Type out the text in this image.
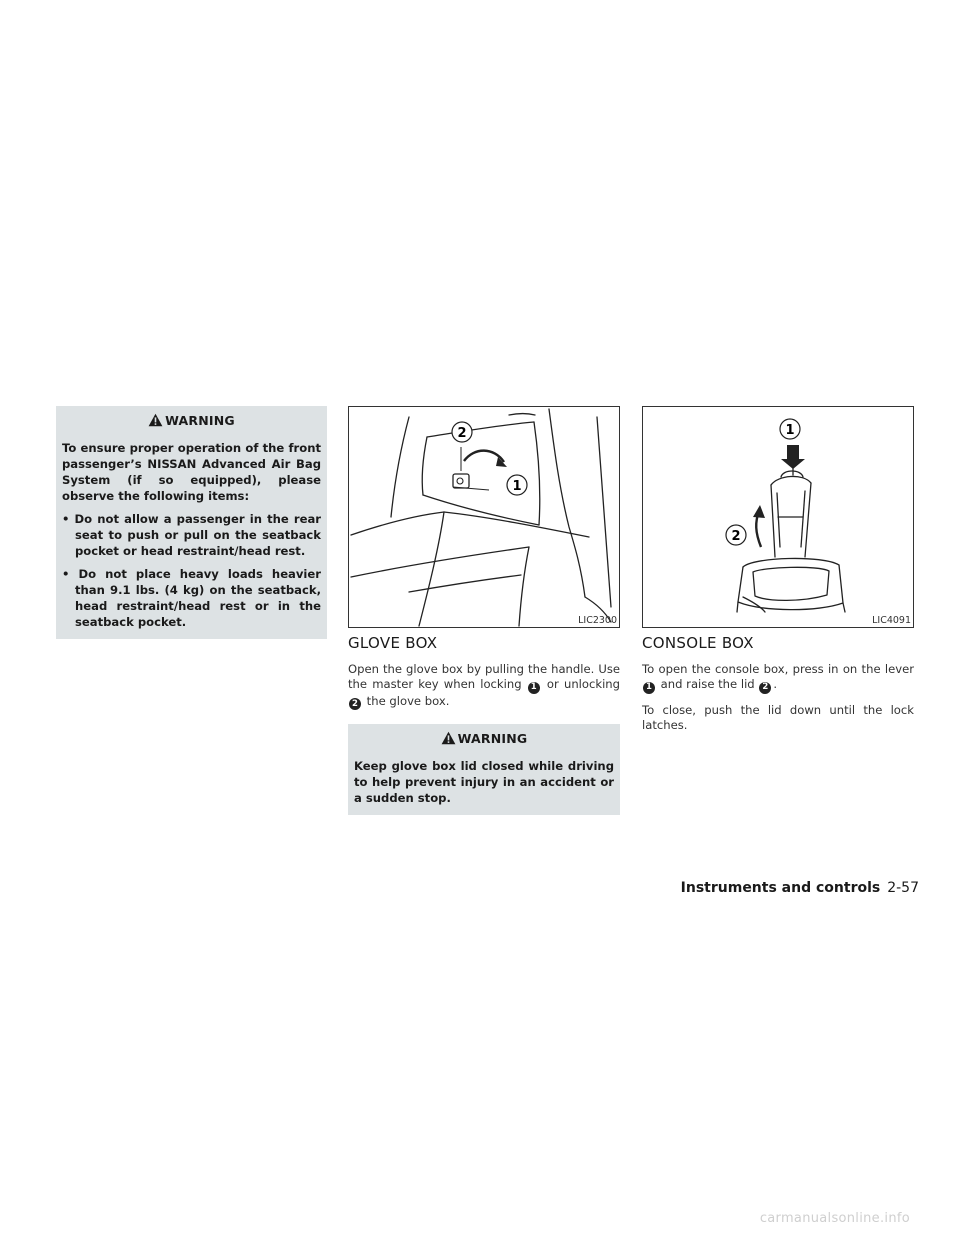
WARNING

To ensure proper operation of the front passenger’s NISSAN Advanced Air Bag System (if so equipped), please observe the following items:

• Do not allow a passenger in the rear seat to push or pull on the seatback pocket or head restraint/head rest.
• Do not place heavy loads heavier than 9.1 lbs. (4 kg) on the seatback, head restraint/head rest or in the seatback pocket.
2
1
LIC2300
GLOVE BOX

Open the glove box by pulling the handle. Use the master key when locking 1 or unlocking 2 the glove box.

WARNING

Keep glove box lid closed while driving to help prevent injury in an accident or a sudden stop.

1
2
LIC4091
CONSOLE BOX

To open the console box, press in on the lever 1 and raise the lid 2 .

To close, push the lid down until the lock latches.

Instruments and controls 2-57
carmanualsonline.info
